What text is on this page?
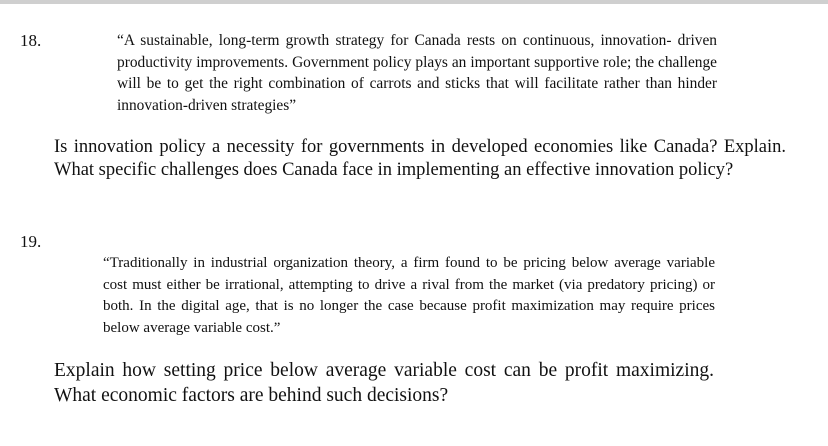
18.	“A sustainable, long-term growth strategy for Canada rests on continuous, innovation- driven productivity improvements. Government policy plays an important supportive role; the challenge will be to get the right combination of carrots and sticks that will facilitate rather than hinder innovation-driven strategies”
Is innovation policy a necessity for governments in developed economies like Canada? Explain. What specific challenges does Canada face in implementing an effective innovation policy?
19.
“Traditionally in industrial organization theory, a firm found to be pricing below average variable cost must either be irrational, attempting to drive a rival from the market (via predatory pricing) or both. In the digital age, that is no longer the case because profit maximization may require prices below average variable cost.”
Explain how setting price below average variable cost can be profit maximizing. What economic factors are behind such decisions?
